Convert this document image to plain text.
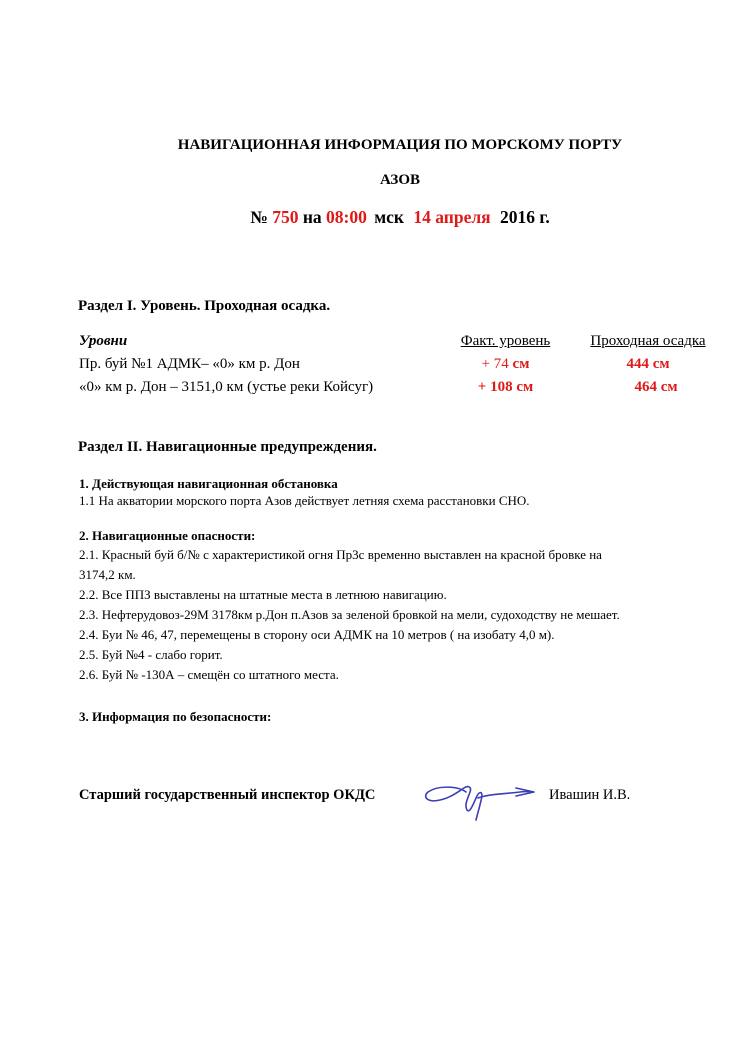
НАВИГАЦИОННАЯ ИНФОРМАЦИЯ ПО МОРСКОМУ ПОРТУ
АЗОВ
№ 750 на 08:00 мск 14 апреля 2016 г.
Раздел I. Уровень. Проходная осадка.
Уровни	Факт. уровень	Проходная осадка
Пр. буй №1 АДМК– «0» км р. Дон	+ 74 см	444 см
«0» км р. Дон – 3151,0 км (устье реки Койсуг)	+ 108 см	464 см
Раздел II. Навигационные предупреждения.
1. Действующая навигационная обстановка
1.1 На акватории морского порта Азов действует летняя схема расстановки СНО.
2. Навигационные опасности:
2.1. Красный буй б/№ с характеристикой огня Пр3с временно выставлен на красной бровке на
3174,2 км.
2.2. Все ППЗ выставлены на штатные места в летнюю навигацию.
2.3. Нефтерудовоз-29М 3178км р.Дон п.Азов за зеленой бровкой на мели, судоходству не мешает.
2.4. Буи № 46, 47, перемещены в сторону оси АДМК на 10 метров ( на изобату 4,0 м).
2.5. Буй №4 - слабо горит.
2.6. Буй № -130А – смещён со штатного места.
3. Информация по безопасности:
Старший государственный инспектор ОКДС	Ивашин И.В.
